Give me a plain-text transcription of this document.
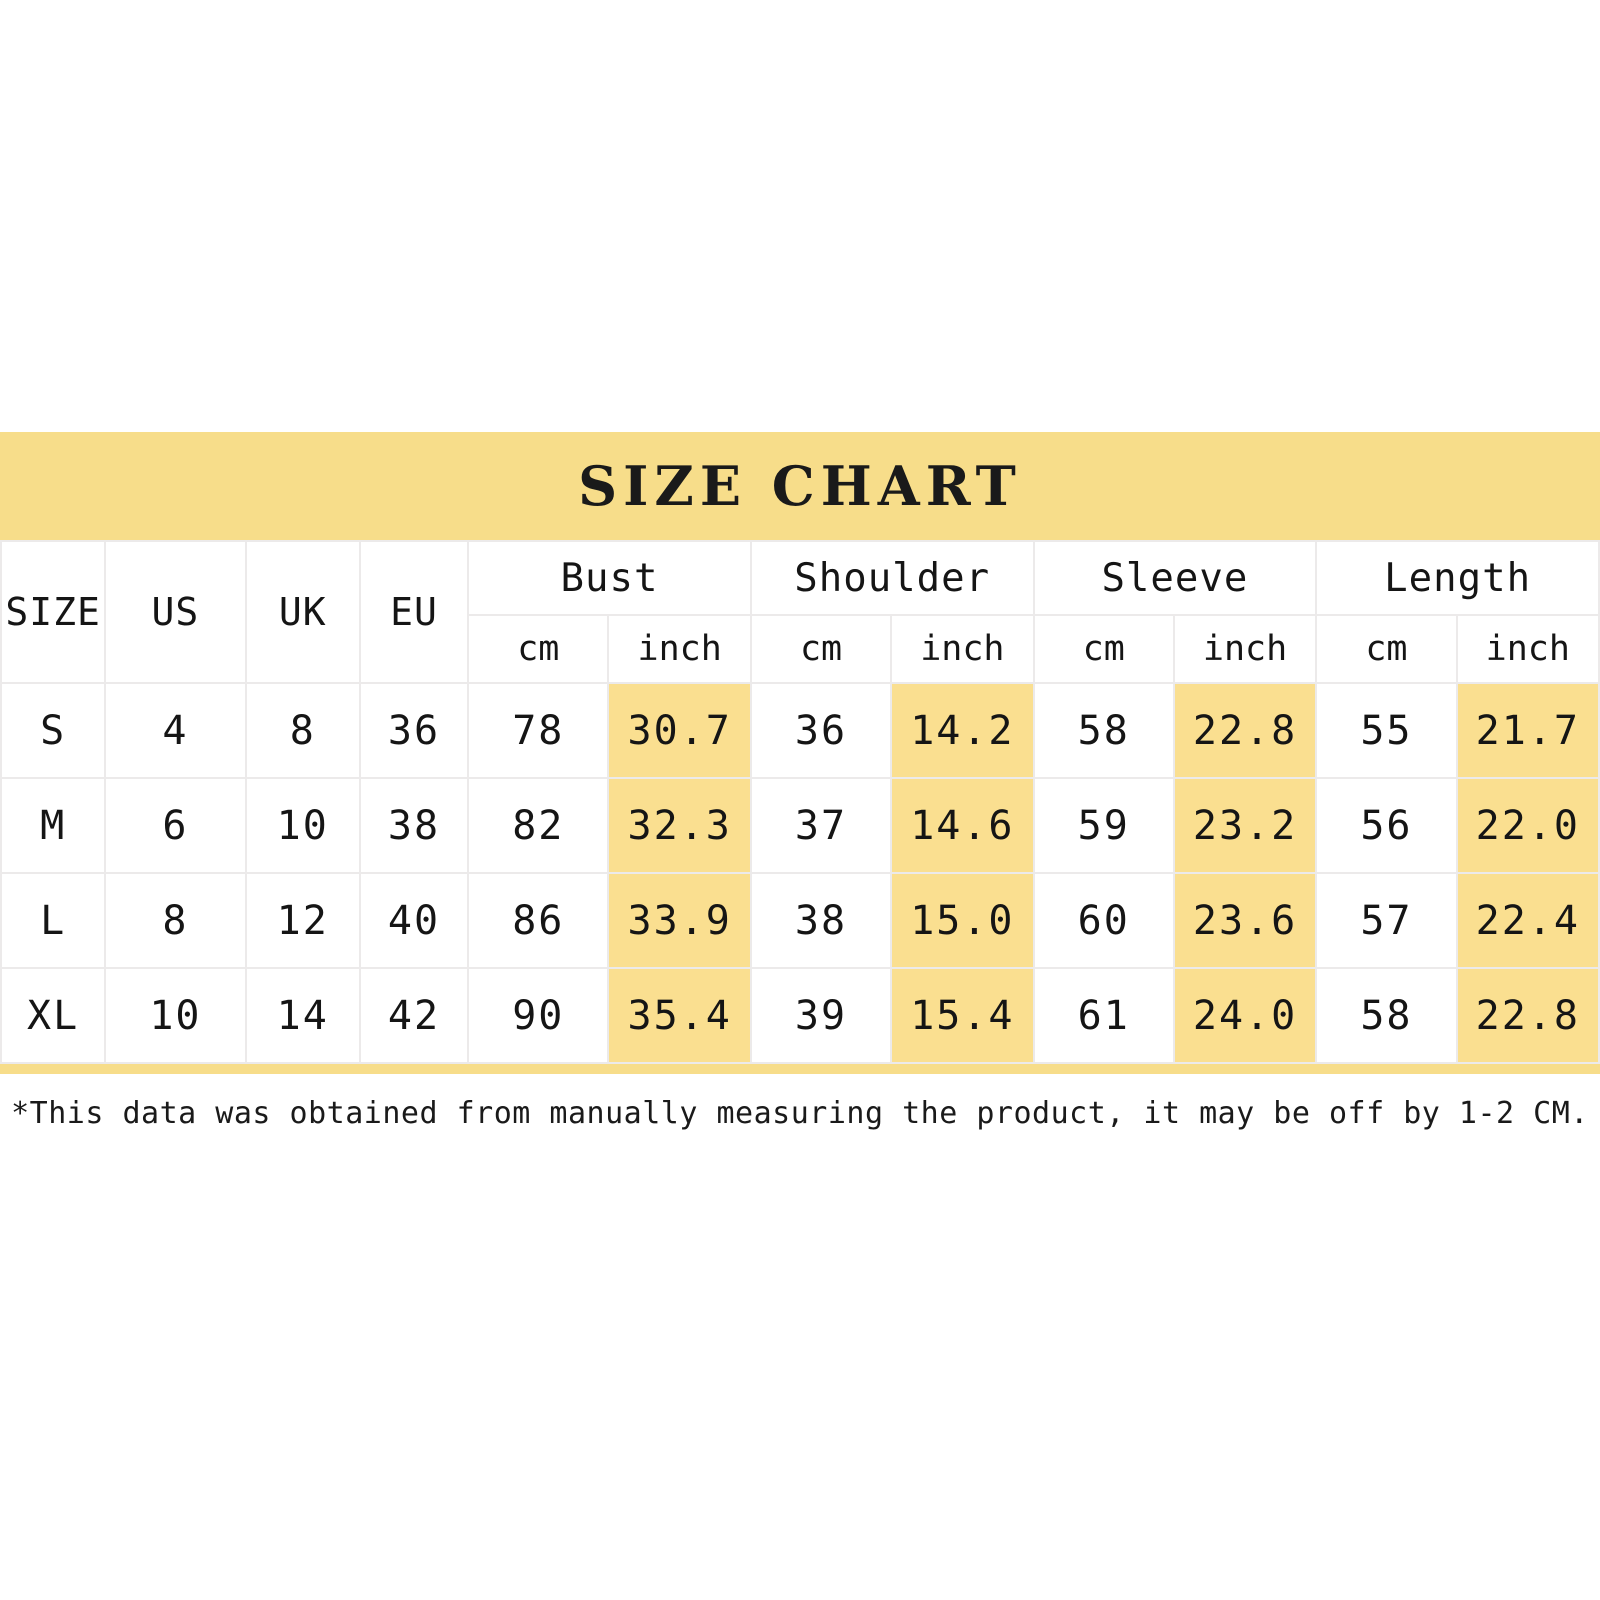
SIZE CHART
SIZE	US	UK	EU	Bust		Shoulder		Sleeve		Length	
				cm	inch	cm	inch	cm	inch	cm	inch
S	4	8	36	78	30.7	36	14.2	58	22.8	55	21.7
M	6	10	38	82	32.3	37	14.6	59	23.2	56	22.0
L	8	12	40	86	33.9	38	15.0	60	23.6	57	22.4
XL	10	14	42	90	35.4	39	15.4	61	24.0	58	22.8
*This data was obtained from manually measuring the product, it may be off by 1-2 CM.
